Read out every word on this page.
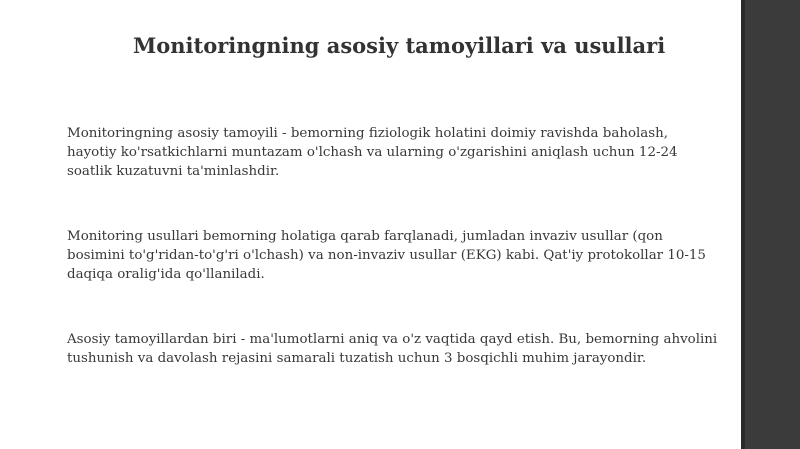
Monitoringning asosiy tamoyillari va usullari

Monitoringning asosiy tamoyili - bemorning fiziologik holatini doimiy ravishda baholash,
hayotiy ko'rsatkichlarni muntazam o'lchash va ularning o'zgarishini aniqlash uchun 12-24
soatlik kuzatuvni ta'minlashdir.

Monitoring usullari bemorning holatiga qarab farqlanadi, jumladan invaziv usullar (qon
bosimini to'g'ridan-to'g'ri o'lchash) va non-invaziv usullar (EKG) kabi. Qat'iy protokollar 10-15
daqiqa oralig'ida qo'llaniladi.

Asosiy tamoyillardan biri - ma'lumotlarni aniq va o'z vaqtida qayd etish. Bu, bemorning ahvolini
tushunish va davolash rejasini samarali tuzatish uchun 3 bosqichli muhim jarayondir.
